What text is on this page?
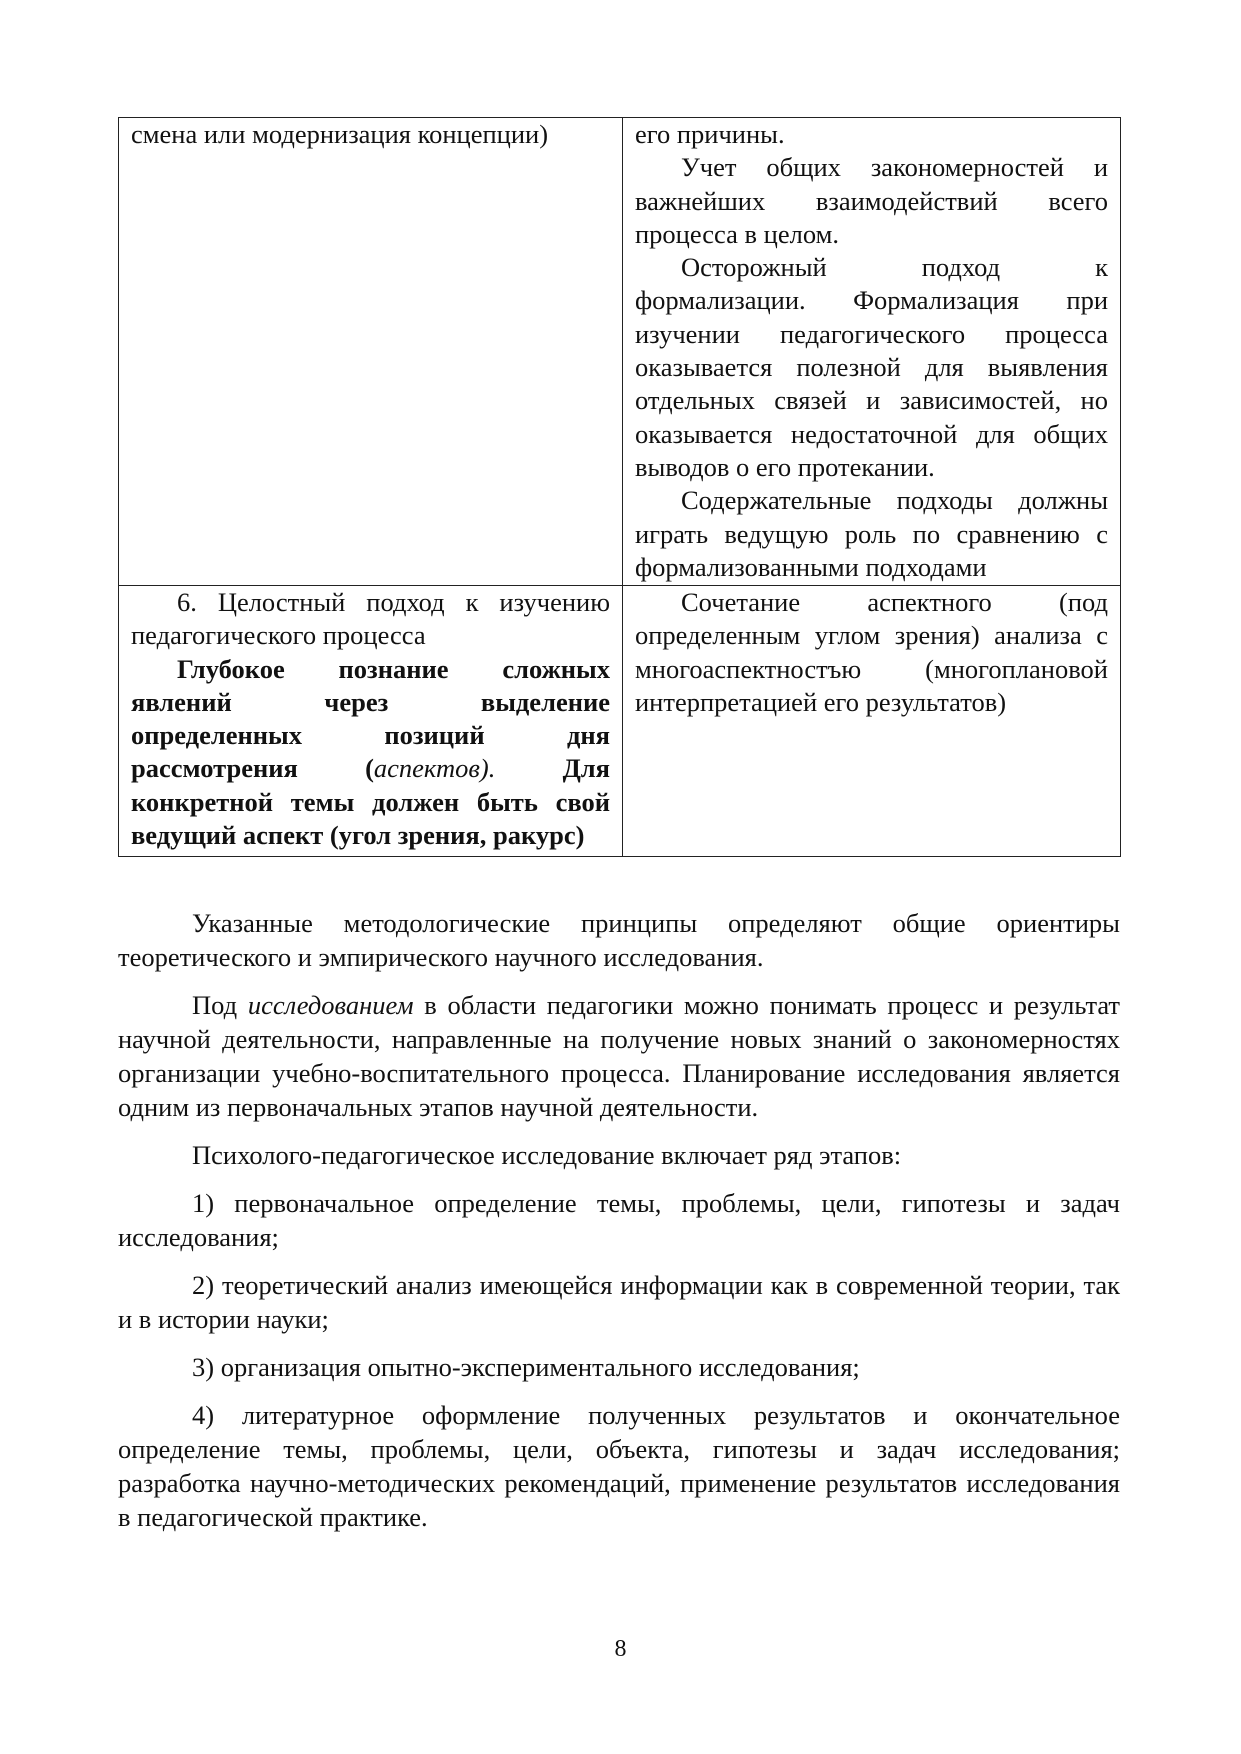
смена или модернизация концепции)	его причины.

Учет общих закономерностей и важнейших взаимодействий всего процесса в целом.

Осторожный подход к формализации. Формализация при изучении педагогического процесса оказывается полезной для выявления отдельных связей и зависимостей, но оказывается недостаточной для общих выводов о его протекании.

Содержательные подходы должны играть ведущую роль по сравнению с формализованными подходами

6. Целостный подход к изучению педагогического процесса

Глубокое познание сложных явлений через выделение определенных позиций дня рассмотрения (аспектов). Для конкретной темы должен быть свой ведущий аспект (угол зрения, ракурс)	Сочетание аспектного (под определенным углом зрения) анализа с многоаспектностъю (многоплановой интерпретацией его результатов)

Указанные методологические принципы определяют общие ориентиры теоретического и эмпирического научного исследования.

Под исследованием в области педагогики можно понимать процесс и результат научной деятельности, направленные на получение новых знаний о закономерностях организации учебно-воспитательного процесса. Планирование исследования является одним из первоначальных этапов научной деятельности.

Психолого-педагогическое исследование включает ряд этапов:

1) первоначальное определение темы, проблемы, цели, гипотезы и задач исследования;

2) теоретический анализ имеющейся информации как в современной теории, так и в истории науки;

3) организация опытно-экспериментального исследования;

4) литературное оформление полученных результатов и окончательное определение темы, проблемы, цели, объекта, гипотезы и задач исследования; разработка научно-методических рекомендаций, применение результатов исследования в педагогической практике.

8
